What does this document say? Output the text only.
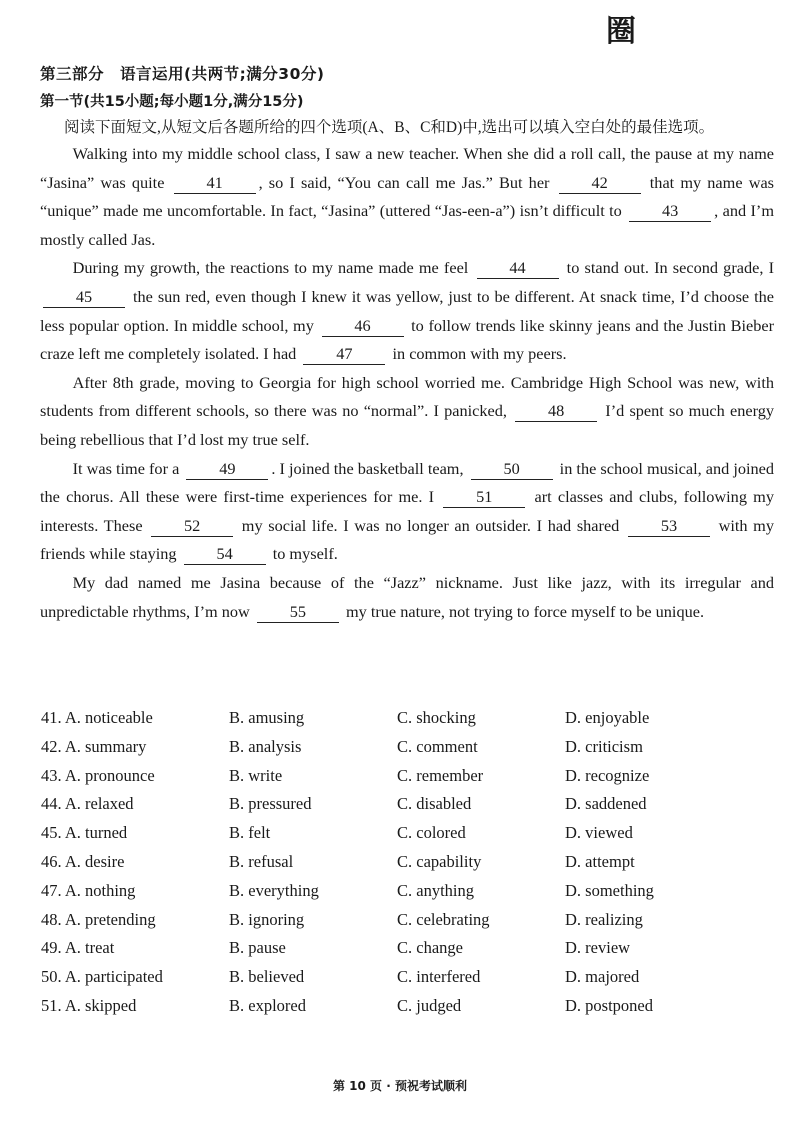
圈
第三部分　语言运用(共两节;满分30分)
第一节(共15小题;每小题1分,满分15分)
阅读下面短文,从短文后各题所给的四个选项(A、B、C和D)中,选出可以填入空白处的最佳选项。

Walking into my middle school class, I saw a new teacher. When she did a roll call, the pause at my name “Jasina” was quite 41 , so I said, “You can call me Jas.” But her 42 that my name was “unique” made me uncomfortable. In fact, “Jasina” (uttered “Jas-een-a”) isn’t difficult to 43 , and I’m mostly called Jas.

During my growth, the reactions to my name made me feel 44 to stand out. In second grade, I 45 the sun red, even though I knew it was yellow, just to be different. At snack time, I’d choose the less popular option. In middle school, my 46 to follow trends like skinny jeans and the Justin Bieber craze left me completely isolated. I had 47 in common with my peers.

After 8th grade, moving to Georgia for high school worried me. Cambridge High School was new, with students from different schools, so there was no “normal”. I panicked, 48 I’d spent so much energy being rebellious that I’d lost my true self.

It was time for a 49 . I joined the basketball team, 50 in the school musical, and joined the chorus. All these were first-time experiences for me. I 51 art classes and clubs, following my interests. These 52 my social life. I was no longer an outsider. I had shared 53 with my friends while staying 54 to myself.

My dad named me Jasina because of the “Jazz” nickname. Just like jazz, with its irregular and unpredictable rhythms, I’m now 55 my true nature, not trying to force myself to be unique.

41. A. noticeable	B. amusing	C. shocking	D. enjoyable
42. A. summary	B. analysis	C. comment	D. criticism
43. A. pronounce	B. write	C. remember	D. recognize
44. A. relaxed	B. pressured	C. disabled	D. saddened
45. A. turned	B. felt	C. colored	D. viewed
46. A. desire	B. refusal	C. capability	D. attempt
47. A. nothing	B. everything	C. anything	D. something
48. A. pretending	B. ignoring	C. celebrating	D. realizing
49. A. treat	B. pause	C. change	D. review
50. A. participated	B. believed	C. interfered	D. majored
51. A. skipped	B. explored	C. judged	D. postponed
第 10 页 · 预祝考试顺利
